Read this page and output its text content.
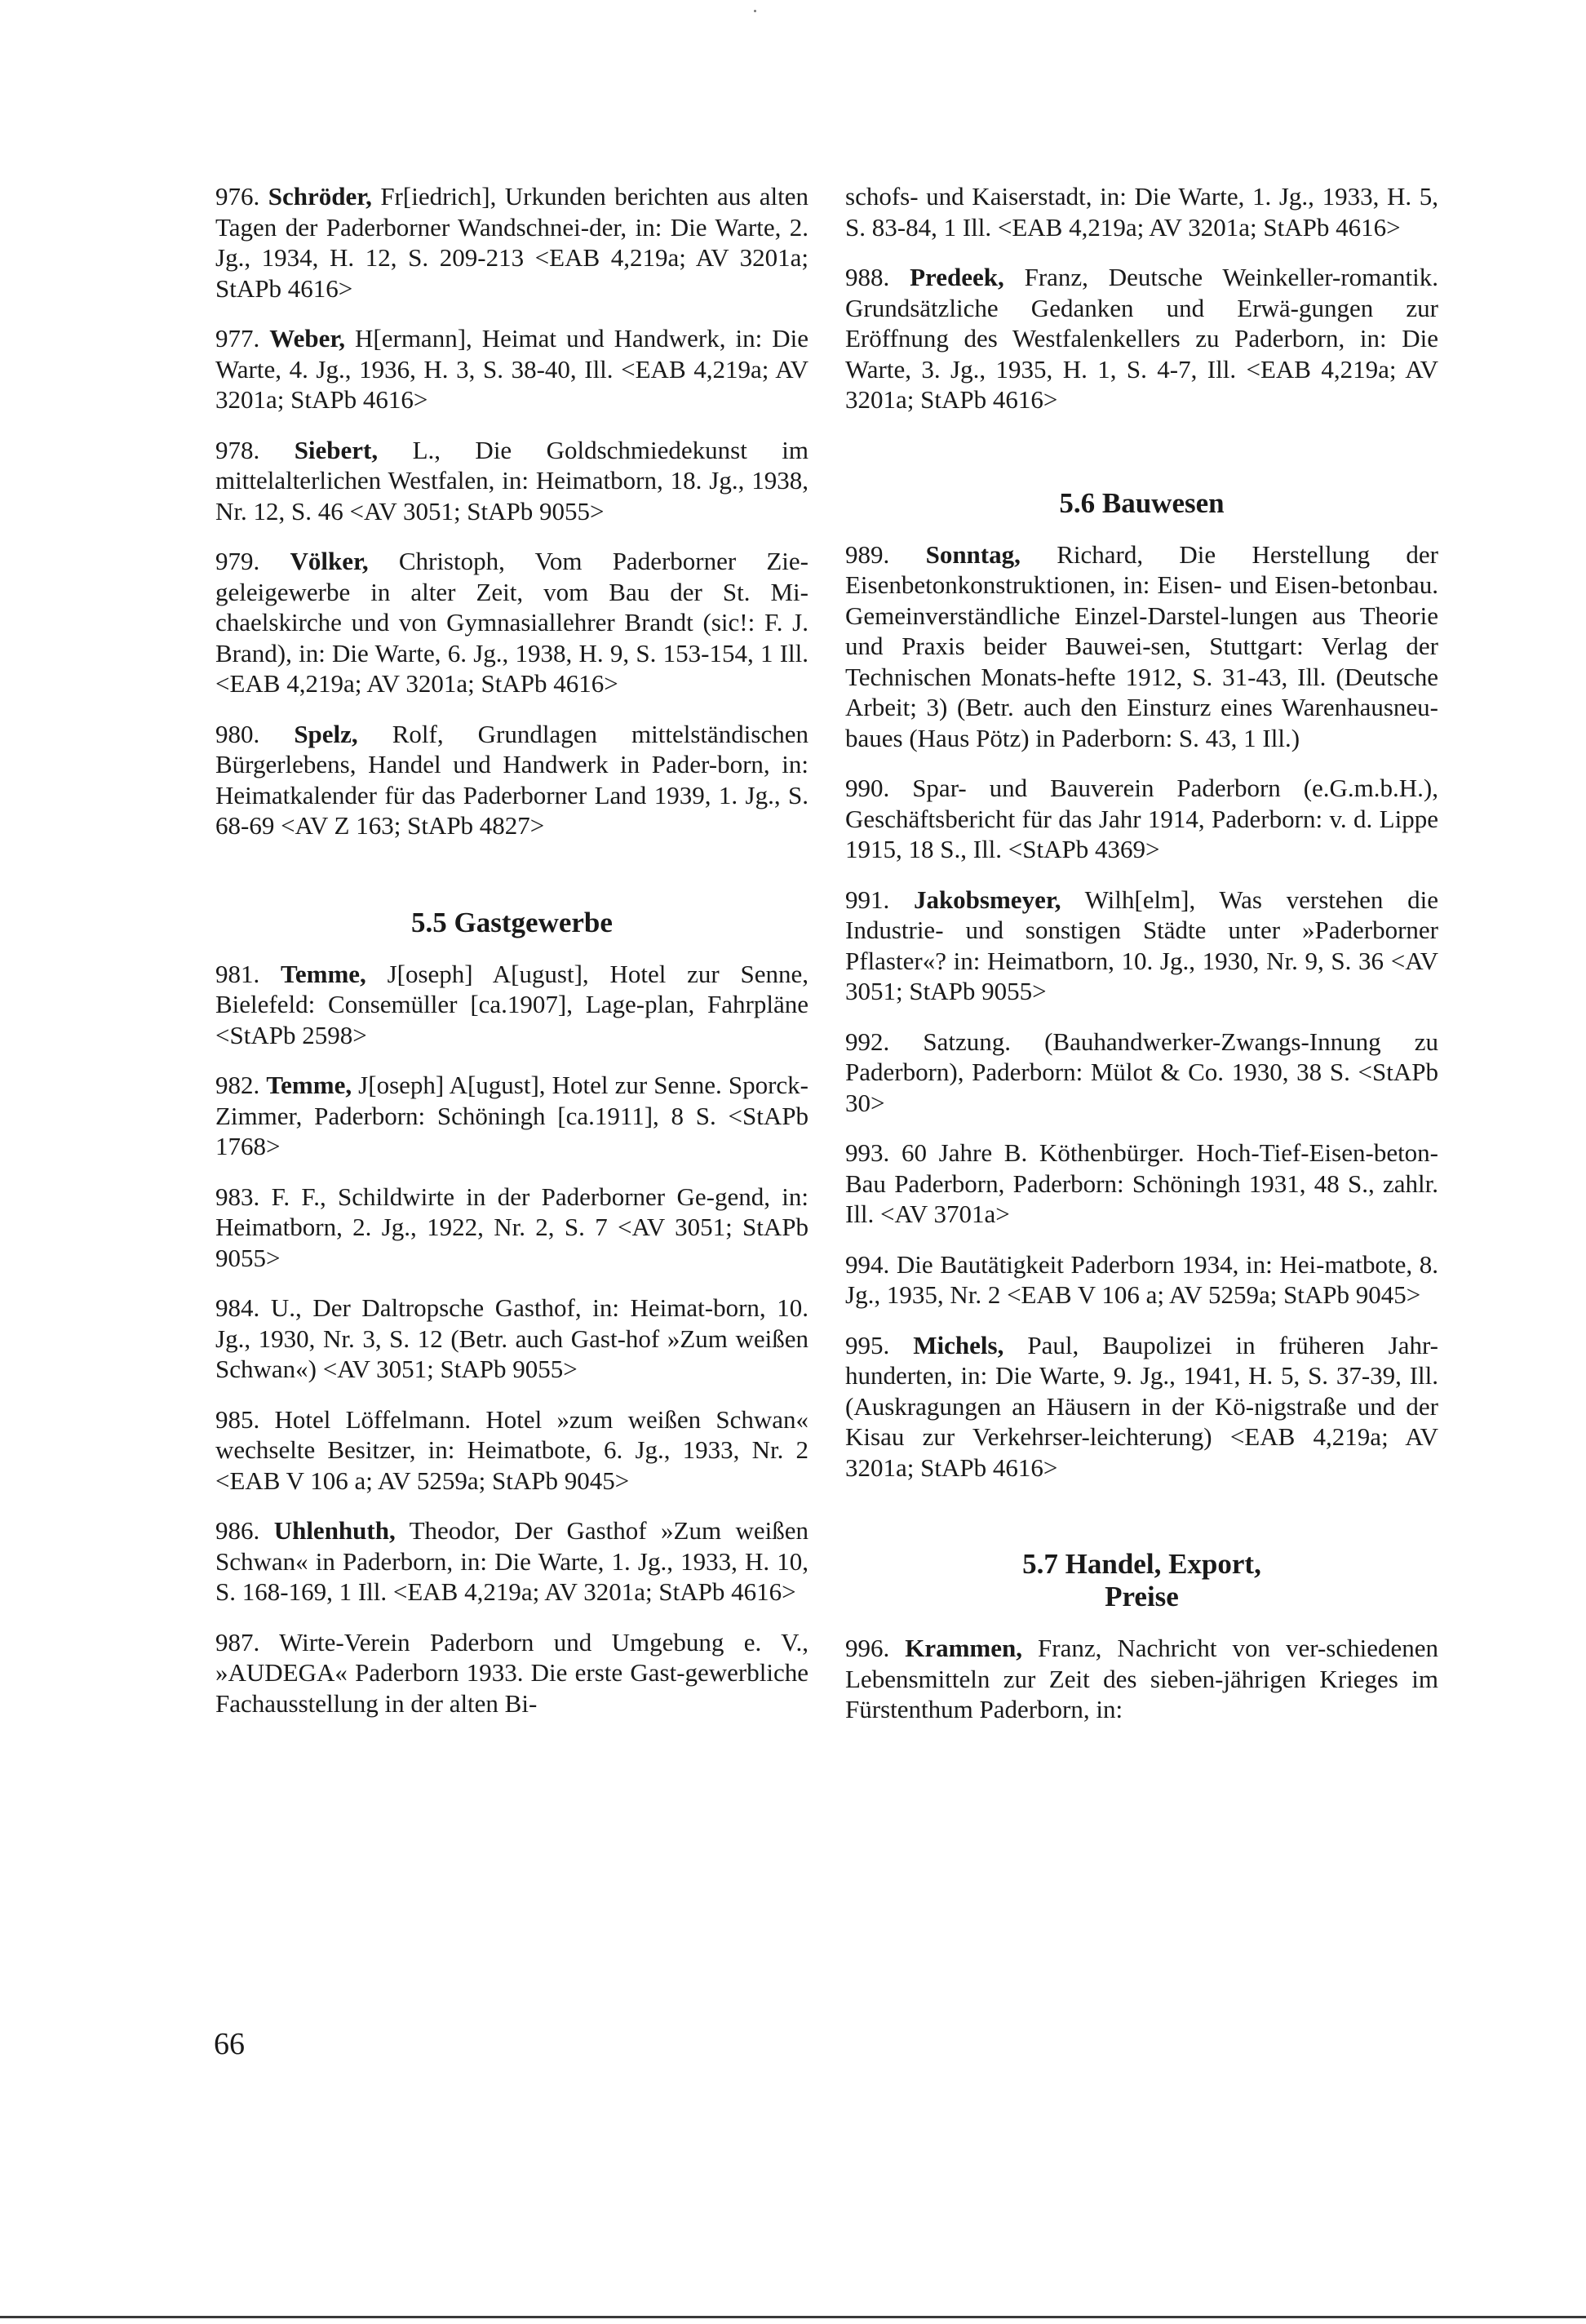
976. Schröder, Fr[iedrich], Urkunden berichten aus alten Tagen der Paderborner Wandschnei-der, in: Die Warte, 2. Jg., 1934, H. 12, S. 209-213 <EAB 4,219a; AV 3201a; StAPb 4616>

977. Weber, H[ermann], Heimat und Handwerk, in: Die Warte, 4. Jg., 1936, H. 3, S. 38-40, Ill. <EAB 4,219a; AV 3201a; StAPb 4616>

978. Siebert, L., Die Goldschmiedekunst im mittelalterlichen Westfalen, in: Heimatborn, 18. Jg., 1938, Nr. 12, S. 46 <AV 3051; StAPb 9055>

979. Völker, Christoph, Vom Paderborner Zie-geleigewerbe in alter Zeit, vom Bau der St. Mi-chaelskirche und von Gymnasiallehrer Brandt (sic!: F. J. Brand), in: Die Warte, 6. Jg., 1938, H. 9, S. 153-154, 1 Ill. <EAB 4,219a; AV 3201a; StAPb 4616>

980. Spelz, Rolf, Grundlagen mittelständischen Bürgerlebens, Handel und Handwerk in Pader-born, in: Heimatkalender für das Paderborner Land 1939, 1. Jg., S. 68-69 <AV Z 163; StAPb 4827>

5.5 Gastgewerbe

981. Temme, J[oseph] A[ugust], Hotel zur Senne, Bielefeld: Consemüller [ca.1907], Lage-plan, Fahrpläne <StAPb 2598>

982. Temme, J[oseph] A[ugust], Hotel zur Senne. Sporck-Zimmer, Paderborn: Schöningh [ca.1911], 8 S. <StAPb 1768>

983. F. F., Schildwirte in der Paderborner Ge-gend, in: Heimatborn, 2. Jg., 1922, Nr. 2, S. 7 <AV 3051; StAPb 9055>

984. U., Der Daltropsche Gasthof, in: Heimat-born, 10. Jg., 1930, Nr. 3, S. 12 (Betr. auch Gast-hof »Zum weißen Schwan«) <AV 3051; StAPb 9055>

985. Hotel Löffelmann. Hotel »zum weißen Schwan« wechselte Besitzer, in: Heimatbote, 6. Jg., 1933, Nr. 2 <EAB V 106 a; AV 5259a; StAPb 9045>

986. Uhlenhuth, Theodor, Der Gasthof »Zum weißen Schwan« in Paderborn, in: Die Warte, 1. Jg., 1933, H. 10, S. 168-169, 1 Ill. <EAB 4,219a; AV 3201a; StAPb 4616>

987. Wirte-Verein Paderborn und Umgebung e. V., »AUDEGA« Paderborn 1933. Die erste Gast-gewerbliche Fachausstellung in der alten Bi-

schofs- und Kaiserstadt, in: Die Warte, 1. Jg., 1933, H. 5, S. 83-84, 1 Ill. <EAB 4,219a; AV 3201a; StAPb 4616>

988. Predeek, Franz, Deutsche Weinkeller-romantik. Grundsätzliche Gedanken und Erwä-gungen zur Eröffnung des Westfalenkellers zu Paderborn, in: Die Warte, 3. Jg., 1935, H. 1, S. 4-7, Ill. <EAB 4,219a; AV 3201a; StAPb 4616>

5.6 Bauwesen

989. Sonntag, Richard, Die Herstellung der Eisenbetonkonstruktionen, in: Eisen- und Eisen-betonbau. Gemeinverständliche Einzel-Darstel-lungen aus Theorie und Praxis beider Bauwei-sen, Stuttgart: Verlag der Technischen Monats-hefte 1912, S. 31-43, Ill. (Deutsche Arbeit; 3) (Betr. auch den Einsturz eines Warenhausneu-baues (Haus Pötz) in Paderborn: S. 43, 1 Ill.)

990. Spar- und Bauverein Paderborn (e.G.m.b.H.), Geschäftsbericht für das Jahr 1914, Paderborn: v. d. Lippe 1915, 18 S., Ill. <StAPb 4369>

991. Jakobsmeyer, Wilh[elm], Was verstehen die Industrie- und sonstigen Städte unter »Paderborner Pflaster«? in: Heimatborn, 10. Jg., 1930, Nr. 9, S. 36 <AV 3051; StAPb 9055>

992. Satzung. (Bauhandwerker-Zwangs-Innung zu Paderborn), Paderborn: Mülot & Co. 1930, 38 S. <StAPb 30>

993. 60 Jahre B. Köthenbürger. Hoch-Tief-Eisen-beton-Bau Paderborn, Paderborn: Schöningh 1931, 48 S., zahlr. Ill. <AV 3701a>

994. Die Bautätigkeit Paderborn 1934, in: Hei-matbote, 8. Jg., 1935, Nr. 2 <EAB V 106 a; AV 5259a; StAPb 9045>

995. Michels, Paul, Baupolizei in früheren Jahr-hunderten, in: Die Warte, 9. Jg., 1941, H. 5, S. 37-39, Ill. (Auskragungen an Häusern in der Kö-nigstraße und der Kisau zur Verkehrser-leichterung) <EAB 4,219a; AV 3201a; StAPb 4616>

5.7 Handel, Export,
Preise

996. Krammen, Franz, Nachricht von ver-schiedenen Lebensmitteln zur Zeit des sieben-jährigen Krieges im Fürstenthum Paderborn, in:

66
